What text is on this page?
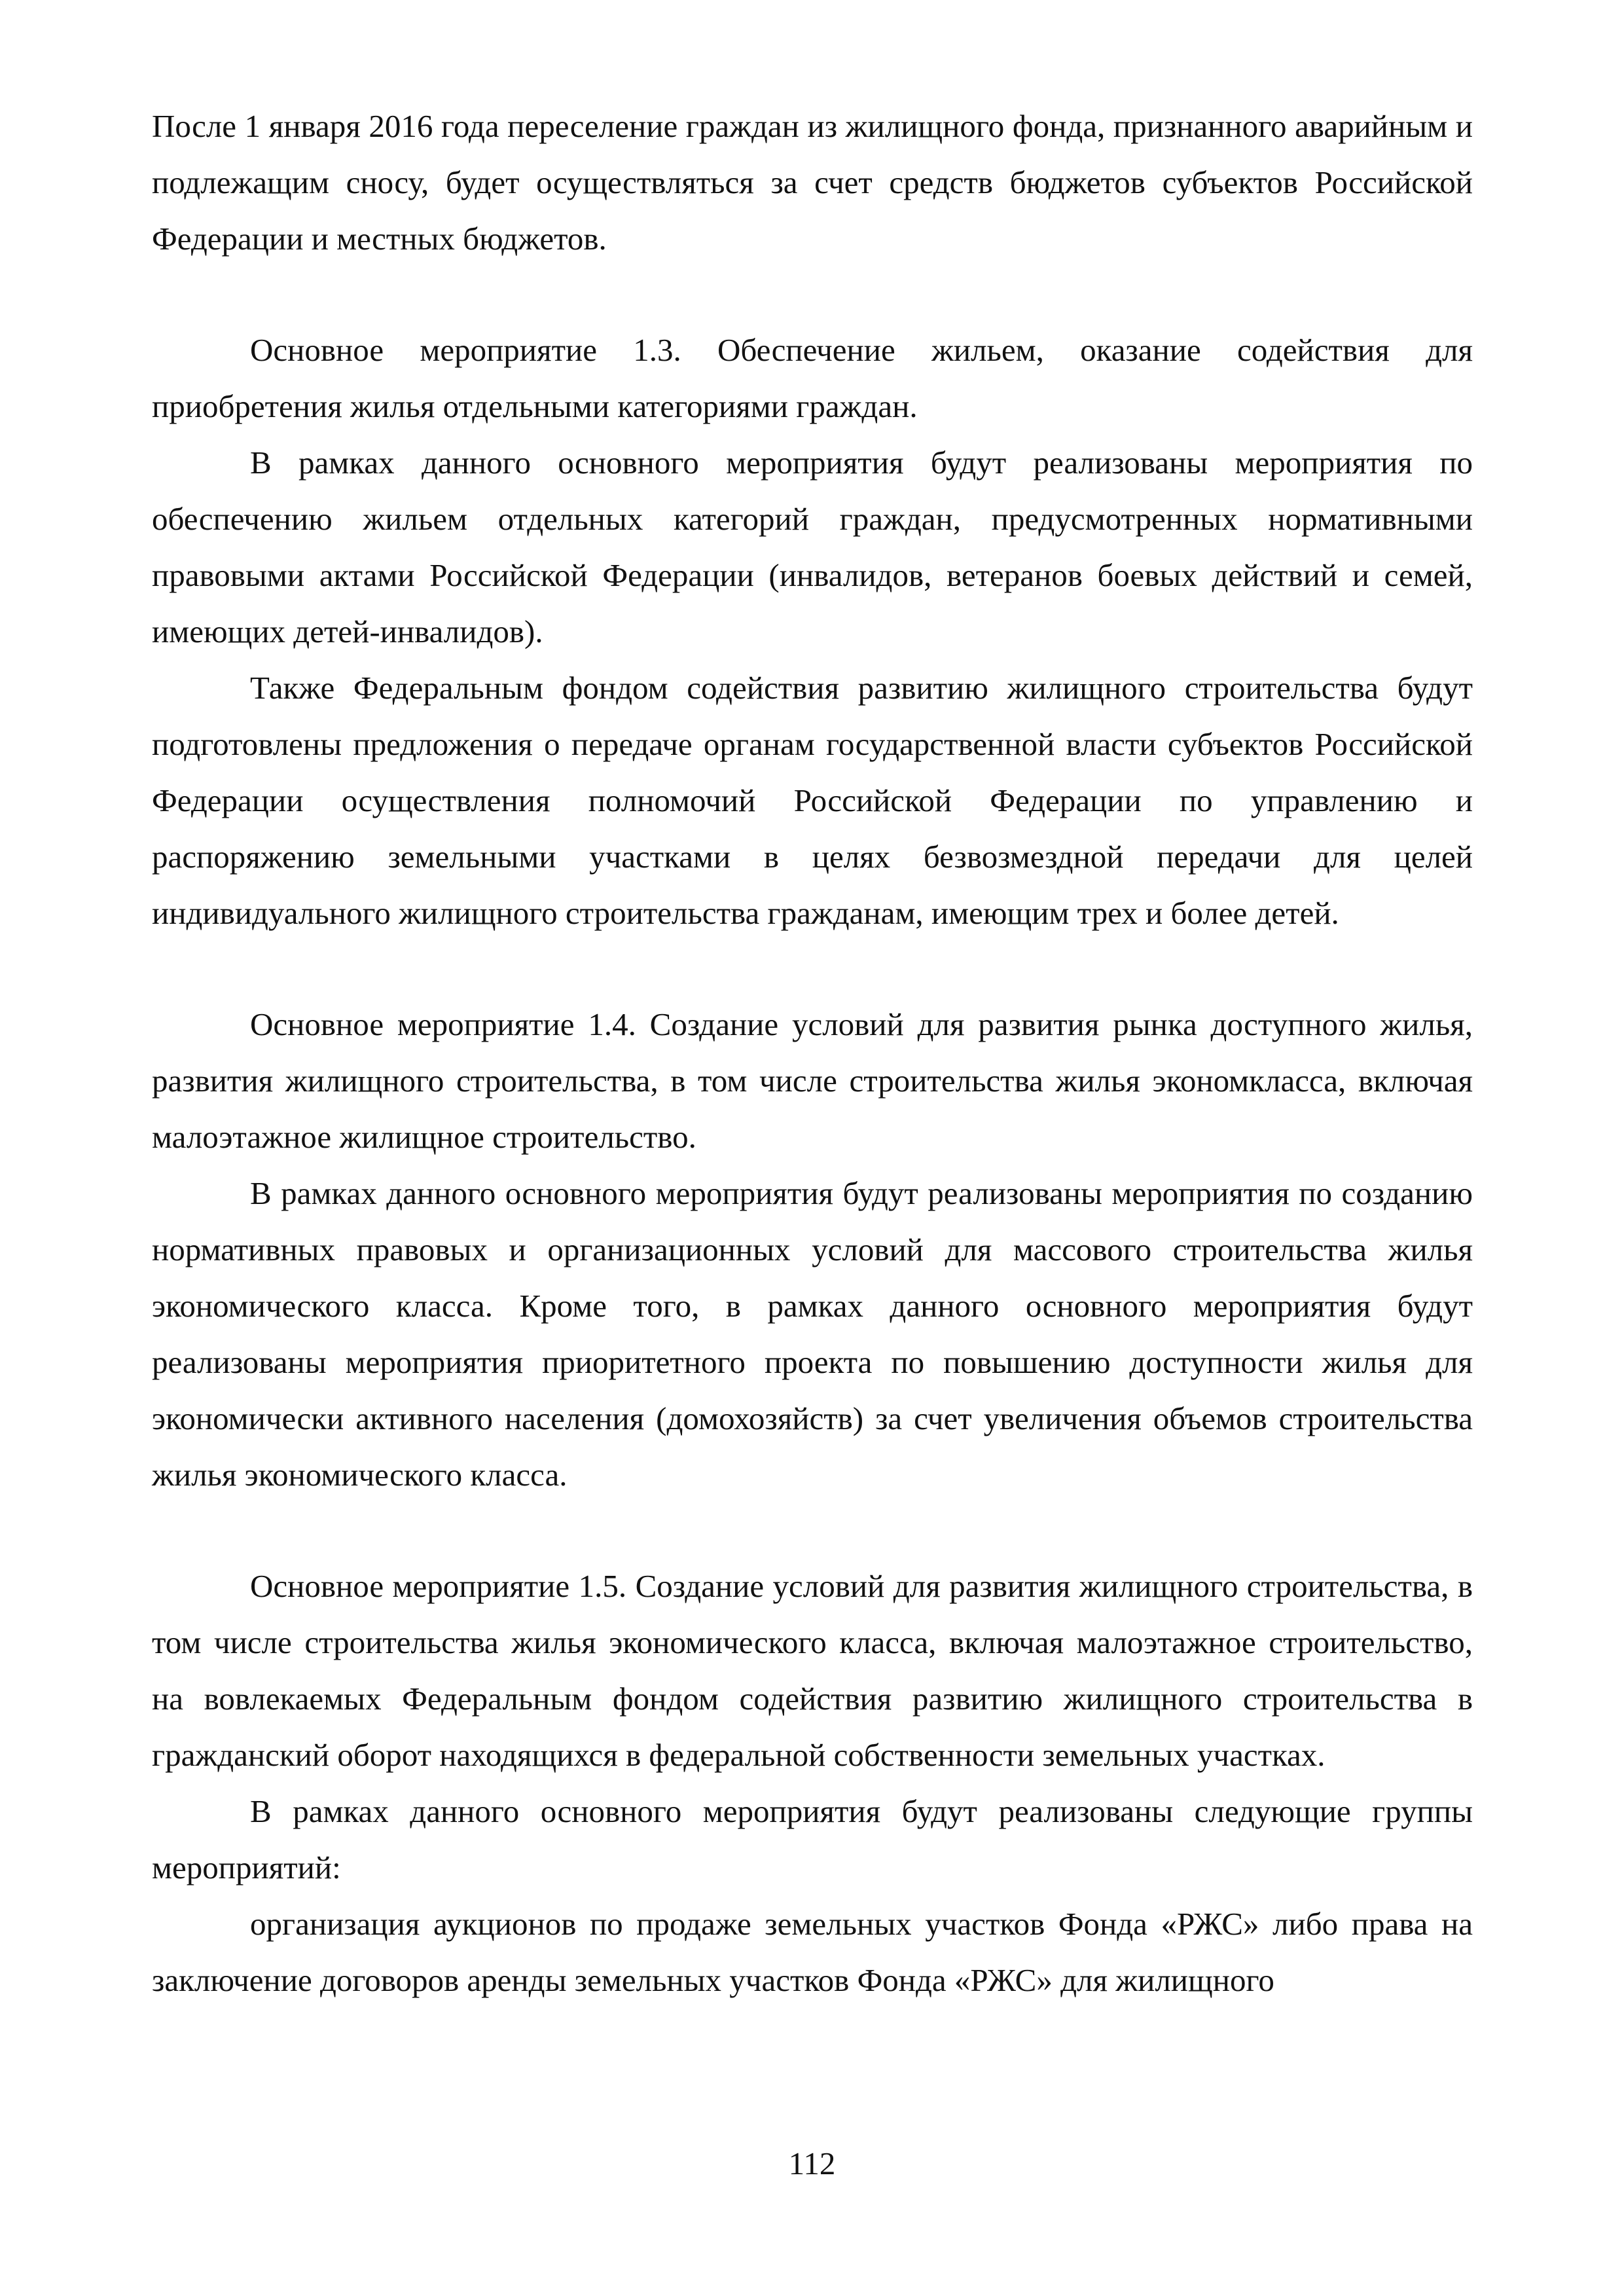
После 1 января 2016 года переселение граждан из жилищного фонда, признанного аварийным и подлежащим сносу, будет осуществляться за счет средств бюджетов субъектов Российской Федерации и местных бюджетов.

Основное мероприятие 1.3. Обеспечение жильем, оказание содействия для приобретения жилья отдельными категориями граждан.

В рамках данного основного мероприятия будут реализованы мероприятия по обеспечению жильем отдельных категорий граждан, предусмотренных нормативными правовыми актами Российской Федерации (инвалидов, ветеранов боевых действий и семей, имеющих детей-инвалидов).

Также Федеральным фондом содействия развитию жилищного строительства будут подготовлены предложения о передаче органам государственной власти субъектов Российской Федерации осуществления полномочий Российской Федерации по управлению и распоряжению земельными участками в целях безвозмездной передачи для целей индивидуального жилищного строительства гражданам, имеющим трех и более детей.

Основное мероприятие 1.4. Создание условий для развития рынка доступного жилья, развития жилищного строительства, в том числе строительства жилья экономкласса, включая малоэтажное жилищное строительство.

В рамках данного основного мероприятия будут реализованы мероприятия по созданию нормативных правовых и организационных условий для массового строительства жилья экономического класса. Кроме того, в рамках данного основного мероприятия будут реализованы мероприятия приоритетного проекта по повышению доступности жилья для экономически активного населения (домохозяйств) за счет увеличения объемов строительства жилья экономического класса.

Основное мероприятие 1.5. Создание условий для развития жилищного строительства, в том числе строительства жилья экономического класса, включая малоэтажное строительство, на вовлекаемых Федеральным фондом содействия развитию жилищного строительства в гражданский оборот находящихся в федеральной собственности земельных участках.

В рамках данного основного мероприятия будут реализованы следующие группы мероприятий:

организация аукционов по продаже земельных участков Фонда «РЖС» либо права на заключение договоров аренды земельных участков Фонда «РЖС» для жилищного

112
